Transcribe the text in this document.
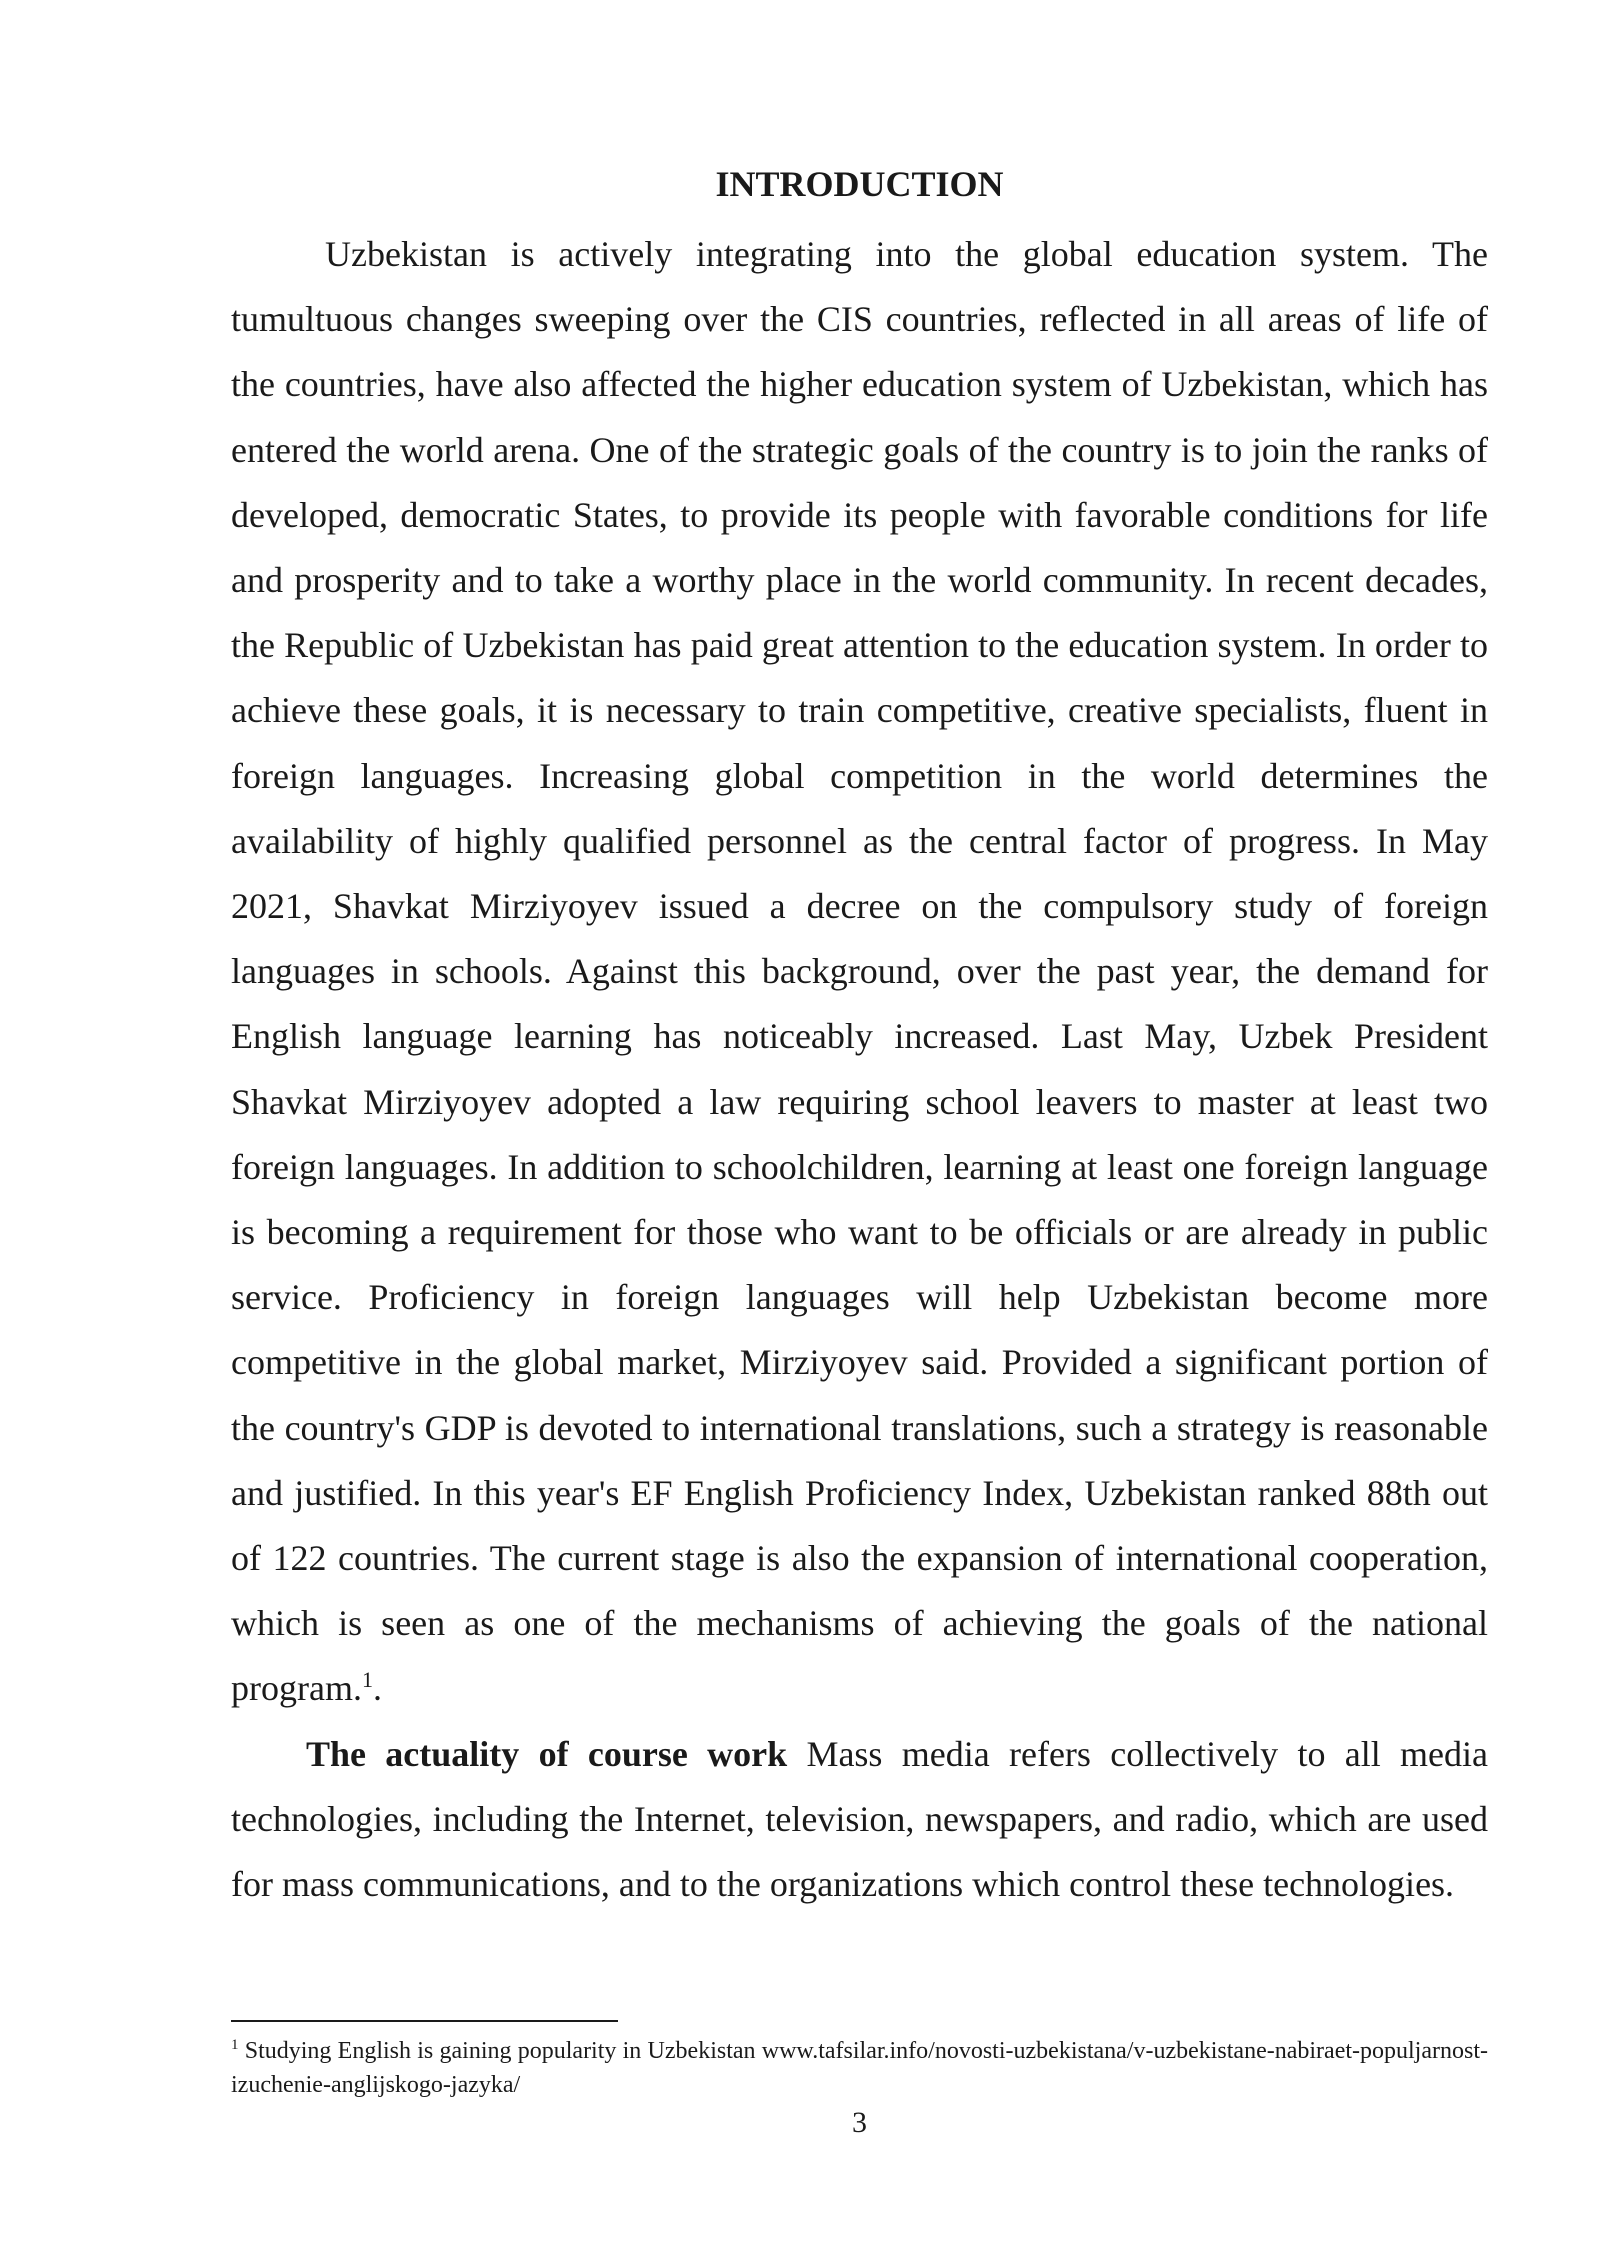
INTRODUCTION

Uzbekistan is actively integrating into the global education system. The tumultuous changes sweeping over the CIS countries, reflected in all areas of life of the countries, have also affected the higher education system of Uzbekistan, which has entered the world arena. One of the strategic goals of the country is to join the ranks of developed, democratic States, to provide its people with favorable conditions for life and prosperity and to take a worthy place in the world community. In recent decades, the Republic of Uzbekistan has paid great attention to the education system. In order to achieve these goals, it is necessary to train competitive, creative specialists, fluent in foreign languages. Increasing global competition in the world determines the availability of highly qualified personnel as the central factor of progress. In May 2021, Shavkat Mirziyoyev issued a decree on the compulsory study of foreign languages in schools. Against this background, over the past year, the demand for English language learning has noticeably increased. Last May, Uzbek President Shavkat Mirziyoyev adopted a law requiring school leavers to master at least two foreign languages. In addition to schoolchildren, learning at least one foreign language is becoming a requirement for those who want to be officials or are already in public service. Proficiency in foreign languages will help Uzbekistan become more competitive in the global market, Mirziyoyev said. Provided a significant portion of the country's GDP is devoted to international translations, such a strategy is reasonable and justified. In this year's EF English Proficiency Index, Uzbekistan ranked 88th out of 122 countries. The current stage is also the expansion of international cooperation, which is seen as one of the mechanisms of achieving the goals of the national program.$^1$.

The actuality of course work Mass media refers collectively to all media technologies, including the Internet, television, newspapers, and radio, which are used for mass communications, and to the organizations which control these technologies.

$^1$ Studying English is gaining popularity in Uzbekistan www.tafsilar.info/novosti-uzbekistana/v-uzbekistane-nabiraet-populjarnost-izuchenie-anglijskogo-jazyka/

3
